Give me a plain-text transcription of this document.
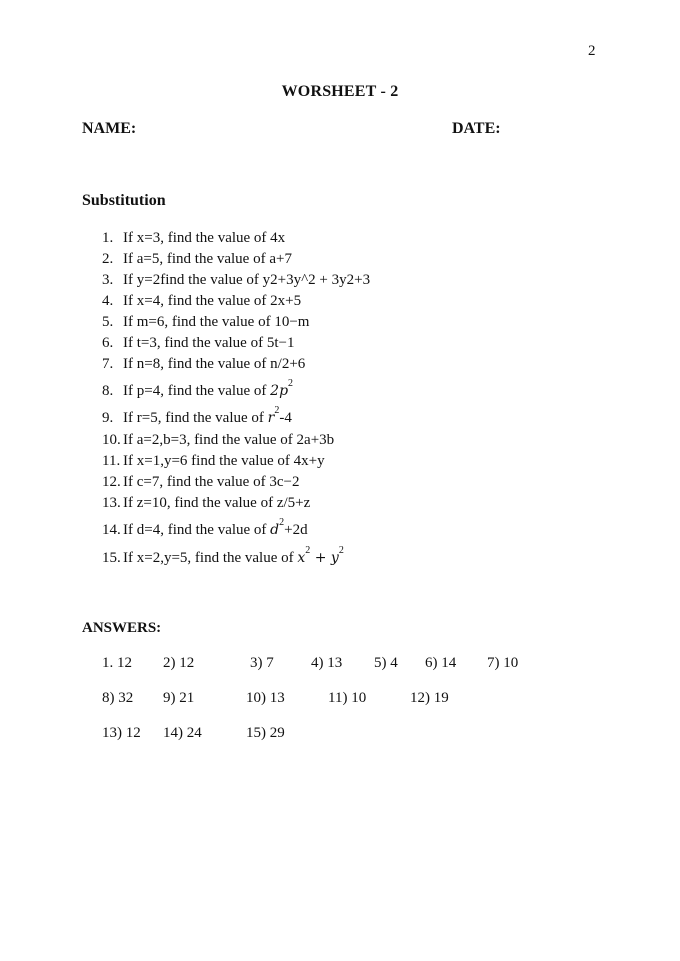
2
WORSHEET - 2
NAME:	DATE:
Substitution
1. If x=3, find the value of 4x
2. If a=5, find the value of a+7
3. If y=2find the value of y2+3y^2 + 3y2+3
4. If x=4, find the value of 2x+5
5. If m=6, find the value of 10−m
6. If t=3, find the value of 5t−1
7. If n=8, find the value of n/2+6
8. If p=4, find the value of $2p^2$
9. If r=5, find the value of $r^2-4$
10. If a=2,b=3, find the value of 2a+3b
11. If x=1,y=6 find the value of 4x+y
12. If c=7, find the value of 3c−2
13. If z=10, find the value of z/5+z
14. If d=4, find the value of $d^2+2d$
15. If x=2,y=5, find the value of $x^2 + y^2$
ANSWERS:
1. 12 2) 12	3) 7 4) 13 5) 4 6) 14 7) 10
8) 32 9) 21	10) 13	11) 10	12) 19
13) 12 14) 24	15) 29
